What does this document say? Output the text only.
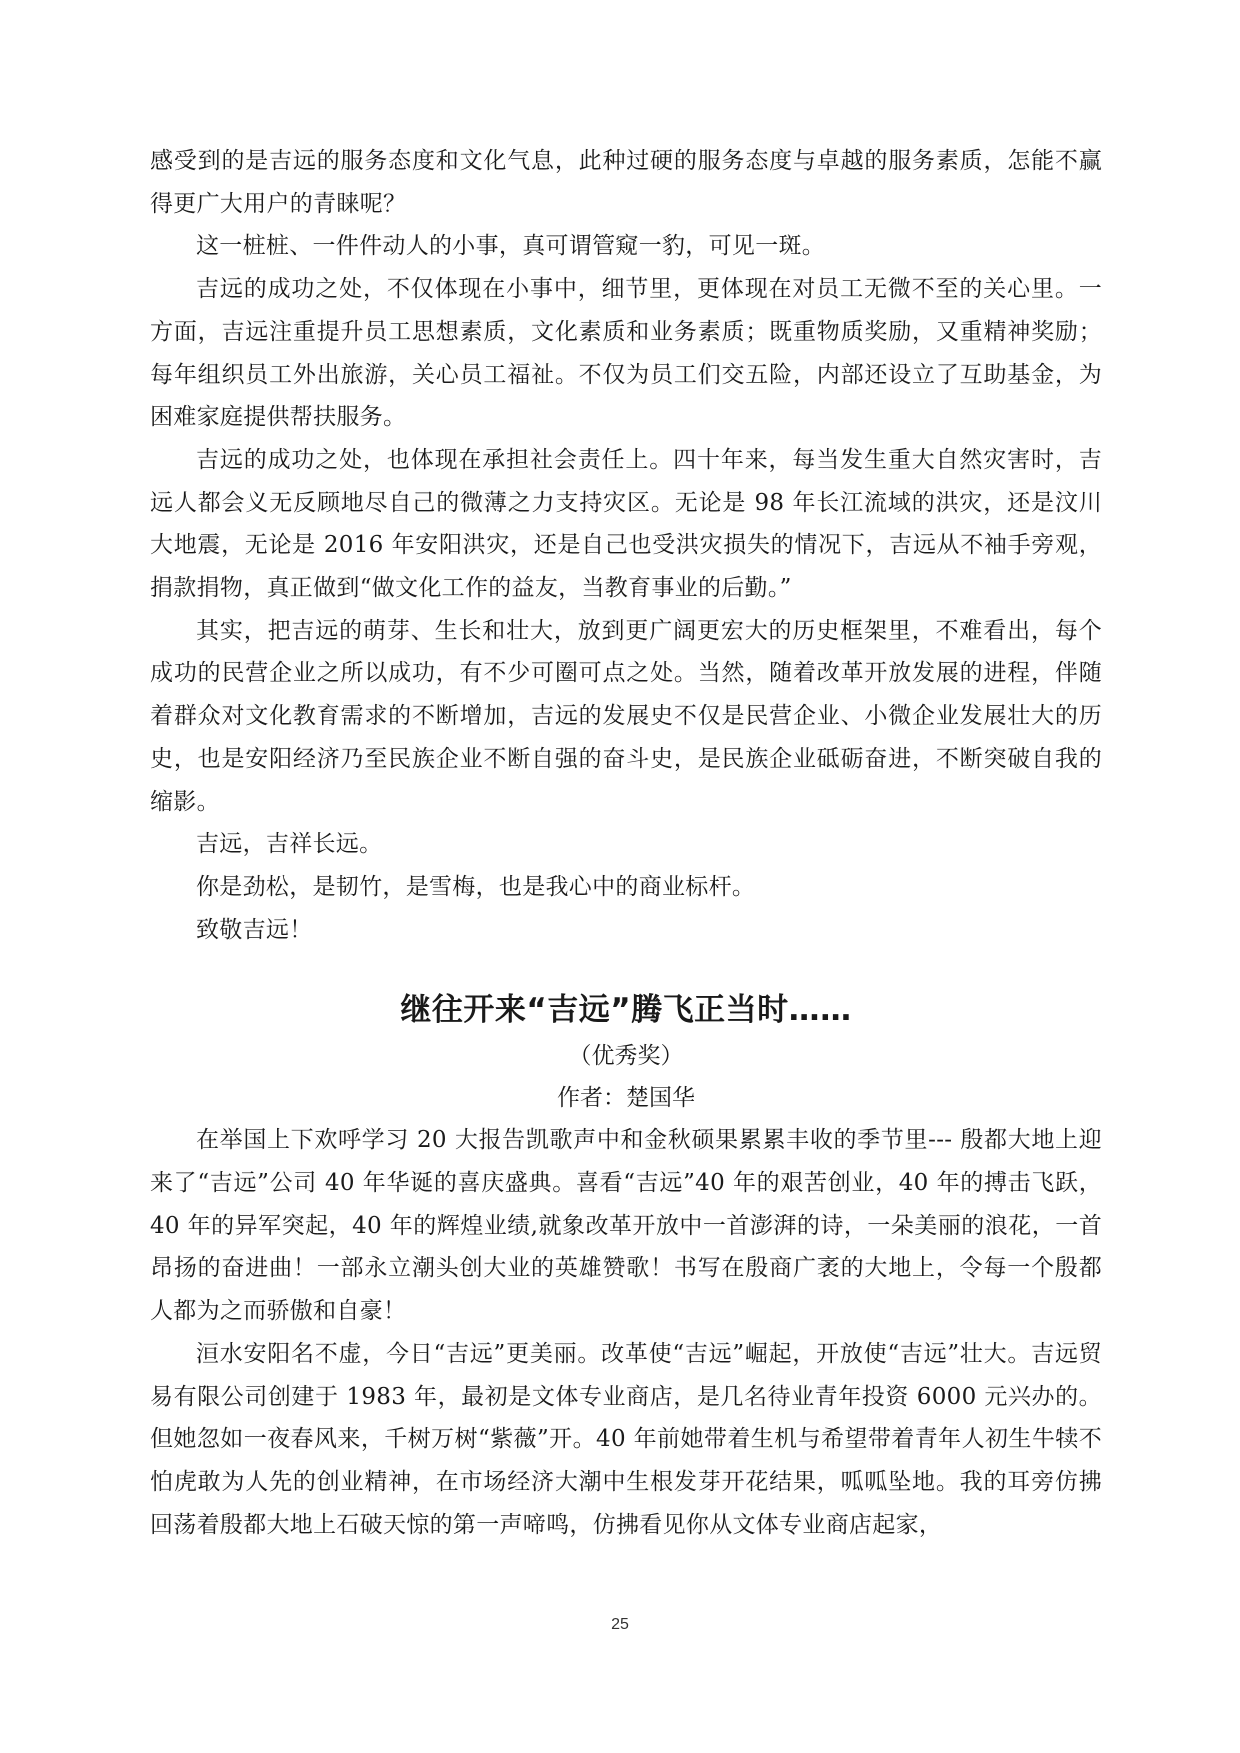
感受到的是吉远的服务态度和文化气息，此种过硬的服务态度与卓越的服务素质，怎能不赢得更广大用户的青睐呢？

这一桩桩、一件件动人的小事，真可谓管窥一豹，可见一斑。

吉远的成功之处，不仅体现在小事中，细节里，更体现在对员工无微不至的关心里。一方面，吉远注重提升员工思想素质，文化素质和业务素质；既重物质奖励，又重精神奖励；每年组织员工外出旅游，关心员工福祉。不仅为员工们交五险，内部还设立了互助基金，为困难家庭提供帮扶服务。

吉远的成功之处，也体现在承担社会责任上。四十年来，每当发生重大自然灾害时，吉远人都会义无反顾地尽自己的微薄之力支持灾区。无论是 98 年长江流域的洪灾，还是汶川大地震，无论是 2016 年安阳洪灾，还是自己也受洪灾损失的情况下，吉远从不袖手旁观，捐款捐物，真正做到“做文化工作的益友，当教育事业的后勤。”

其实，把吉远的萌芽、生长和壮大，放到更广阔更宏大的历史框架里，不难看出，每个成功的民营企业之所以成功，有不少可圈可点之处。当然，随着改革开放发展的进程，伴随着群众对文化教育需求的不断增加，吉远的发展史不仅是民营企业、小微企业发展壮大的历史，也是安阳经济乃至民族企业不断自强的奋斗史，是民族企业砥砺奋进，不断突破自我的缩影。

吉远，吉祥长远。

你是劲松，是韧竹，是雪梅，也是我心中的商业标杆。

致敬吉远！

继往开来“吉远”腾飞正当时……

（优秀奖）

作者：楚国华

在举国上下欢呼学习 20 大报告凯歌声中和金秋硕果累累丰收的季节里--- 殷都大地上迎来了“吉远”公司 40 年华诞的喜庆盛典。喜看“吉远”40 年的艰苦创业，40 年的搏击飞跃，40 年的异军突起，40 年的辉煌业绩,就象改革开放中一首澎湃的诗，一朵美丽的浪花，一首昂扬的奋进曲！一部永立潮头创大业的英雄赞歌！书写在殷商广袤的大地上，令每一个殷都人都为之而骄傲和自豪！

洹水安阳名不虚，今日“吉远”更美丽。改革使“吉远”崛起，开放使“吉远”壮大。吉远贸易有限公司创建于 1983 年，最初是文体专业商店，是几名待业青年投资 6000 元兴办的。但她忽如一夜春风来，千树万树“紫薇”开。40 年前她带着生机与希望带着青年人初生牛犊不怕虎敢为人先的创业精神，在市场经济大潮中生根发芽开花结果，呱呱坠地。我的耳旁仿拂回荡着殷都大地上石破天惊的第一声啼鸣，仿拂看见你从文体专业商店起家，

25
